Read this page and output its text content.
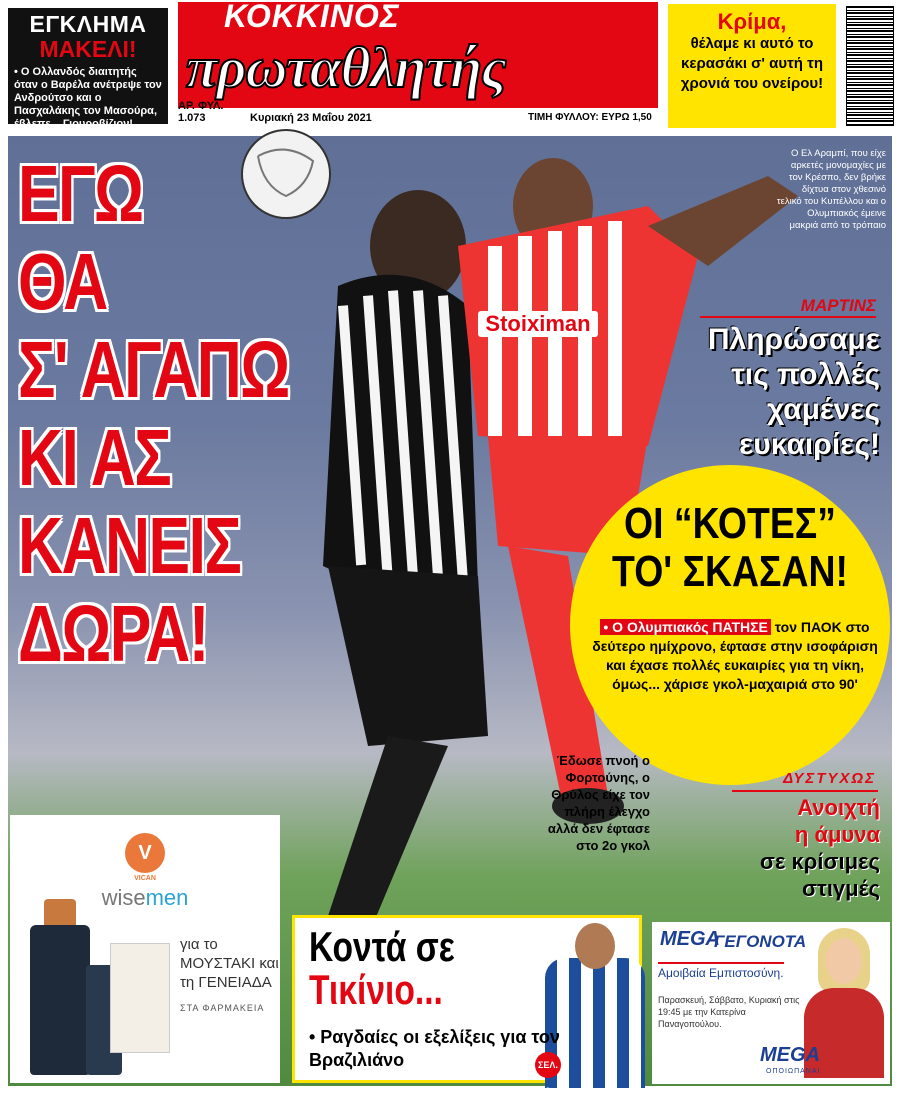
ΕΓΚΛΗΜΑ
ΜΑΚΕΛΙ!
• Ο Ολλανδός διαιτητής όταν ο Βαρέλα ανέτρεψε τον Ανδρούτσο και ο Πασχαλάκης τον Μασούρα, έβλεπε... Γιουροβίζιον!
ΚΟΚΚΙΝΟΣ
πρωταθλητής
ΑΡ. ΦΥΛ.
1.073	Κυριακή 23 Μαΐου 2021	ΤΙΜΗ ΦΥΛΛΟΥ: ΕΥΡΩ 1,50
Κρίμα,
θέλαμε κι αυτό το κερασάκι σ' αυτή τη χρονιά του ονείρου!
Stoiximan
ΕΓΩ
ΘΑ
Σ' ΑΓΑΠΩ
ΚΙ ΑΣ
ΚΑΝΕΙΣ
ΔΩΡΑ!
Ο Ελ Αραμπί, που είχε αρκετές μονομαχίες με τον Κρέσπο, δεν βρήκε δίχτυα στον χθεσινό τελικό του Κυπέλλου και ο Ολυμπιακός έμεινε μακριά από το τρόπαιο
ΜΑΡΤΙΝΣ
Πληρώσαμε
τις πολλές
χαμένες
ευκαιρίες!
ΟΙ “ΚΟΤΕΣ”
ΤΟ' ΣΚΑΣΑΝ!
• Ο Ολυμπιακός ΠΑΤΗΣΕ τον ΠΑΟΚ στο δεύτερο ημίχρονο, έφτασε στην ισοφάριση και έχασε πολλές ευκαιρίες για τη νίκη, όμως... χάρισε γκολ-μαχαιριά στο 90'
Έδωσε πνοή ο Φορτούνης, ο Θρύλος είχε τον πλήρη έλεγχο αλλά δεν έφτασε στο 2ο γκολ
ΔΥΣΤΥΧΩΣ
Ανοιχτή
η άμυνα
σε κρίσιμες
στιγμές
V
VICAN
wisemen
για το ΜΟΥΣΤΑΚΙ και τη ΓΕΝΕΙΑΔΑ
ΣΤΑ ΦΑΡΜΑΚΕΙΑ
Κοντά σε
Τικίνιο...
• Ραγδαίες οι εξελίξεις για τον Βραζιλιάνο	ΣΕΛ. 9
ΜEGA
ΓΕΓΟΝΟΤΑ
Αμοιβαία Εμπιστοσύνη.
Παρασκευή, Σάββατο, Κυριακή στις 19:45 με την Κατερίνα Παναγοπούλου.
ΜEGA
ΟΠΟΙΩΠΑΝΑΙ
